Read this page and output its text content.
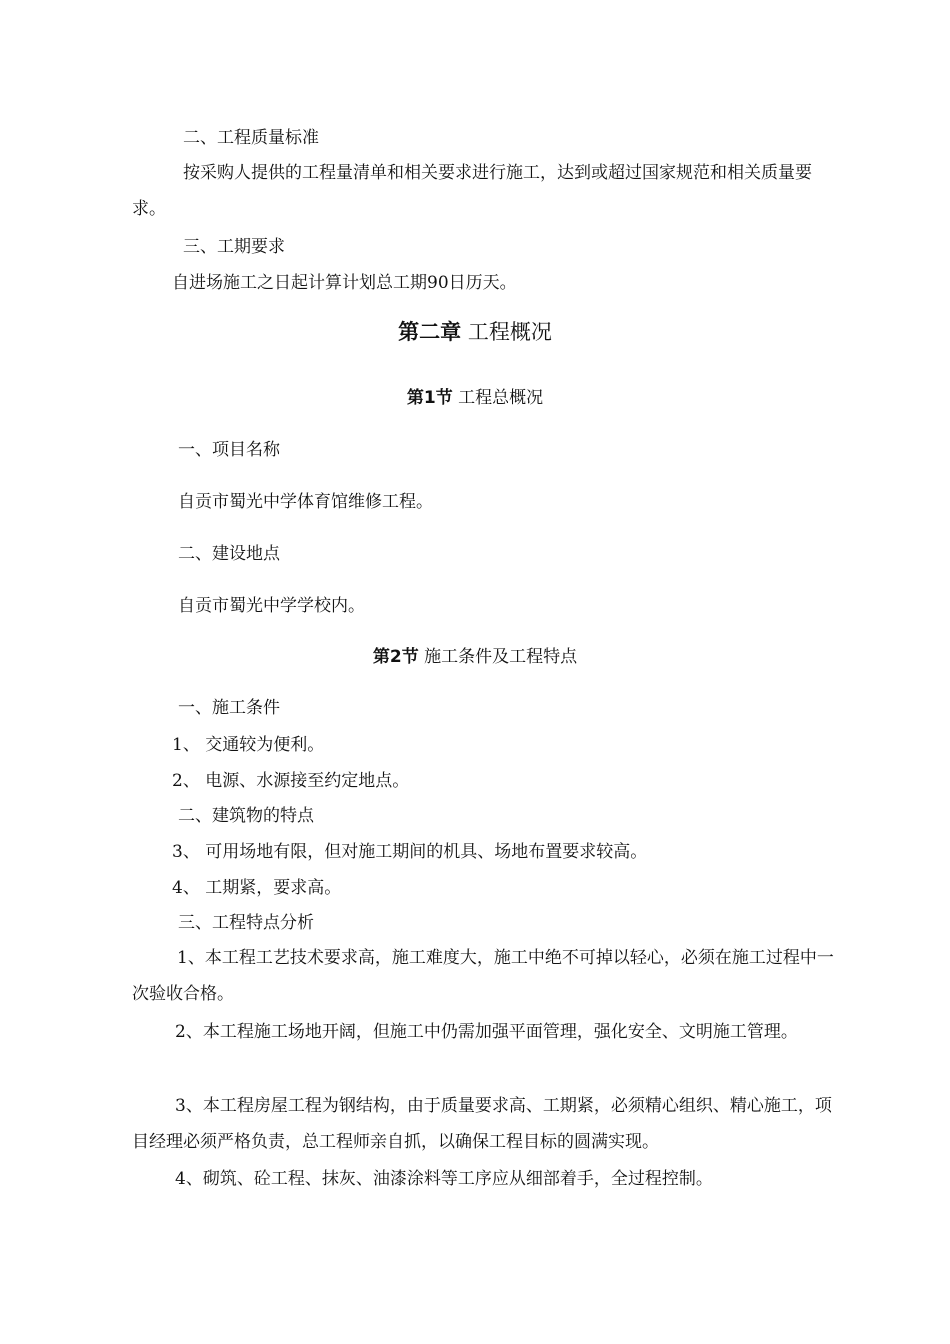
二、工程质量标准
按采购人提供的工程量清单和相关要求进行施工，达到或超过国家规范和相关质量要求。
三、工期要求
自进场施工之日起计算计划总工期90日历天。
第二章 工程概况
第1节 工程总概况
一、项目名称
自贡市蜀光中学体育馆维修工程。
二、建设地点
自贡市蜀光中学学校内。
第2节 施工条件及工程特点
一、施工条件
1、 交通较为便利。
2、 电源、水源接至约定地点。
二、建筑物的特点
3、 可用场地有限，但对施工期间的机具、场地布置要求较高。
4、 工期紧，要求高。
三、工程特点分析
1、本工程工艺技术要求高，施工难度大，施工中绝不可掉以轻心，必须在施工过程中一次验收合格。
2、本工程施工场地开阔，但施工中仍需加强平面管理，强化安全、文明施工管理。
3、本工程房屋工程为钢结构，由于质量要求高、工期紧，必须精心组织、精心施工，项目经理必须严格负责，总工程师亲自抓，以确保工程目标的圆满实现。
4、砌筑、砼工程、抹灰、油漆涂料等工序应从细部着手，全过程控制。
